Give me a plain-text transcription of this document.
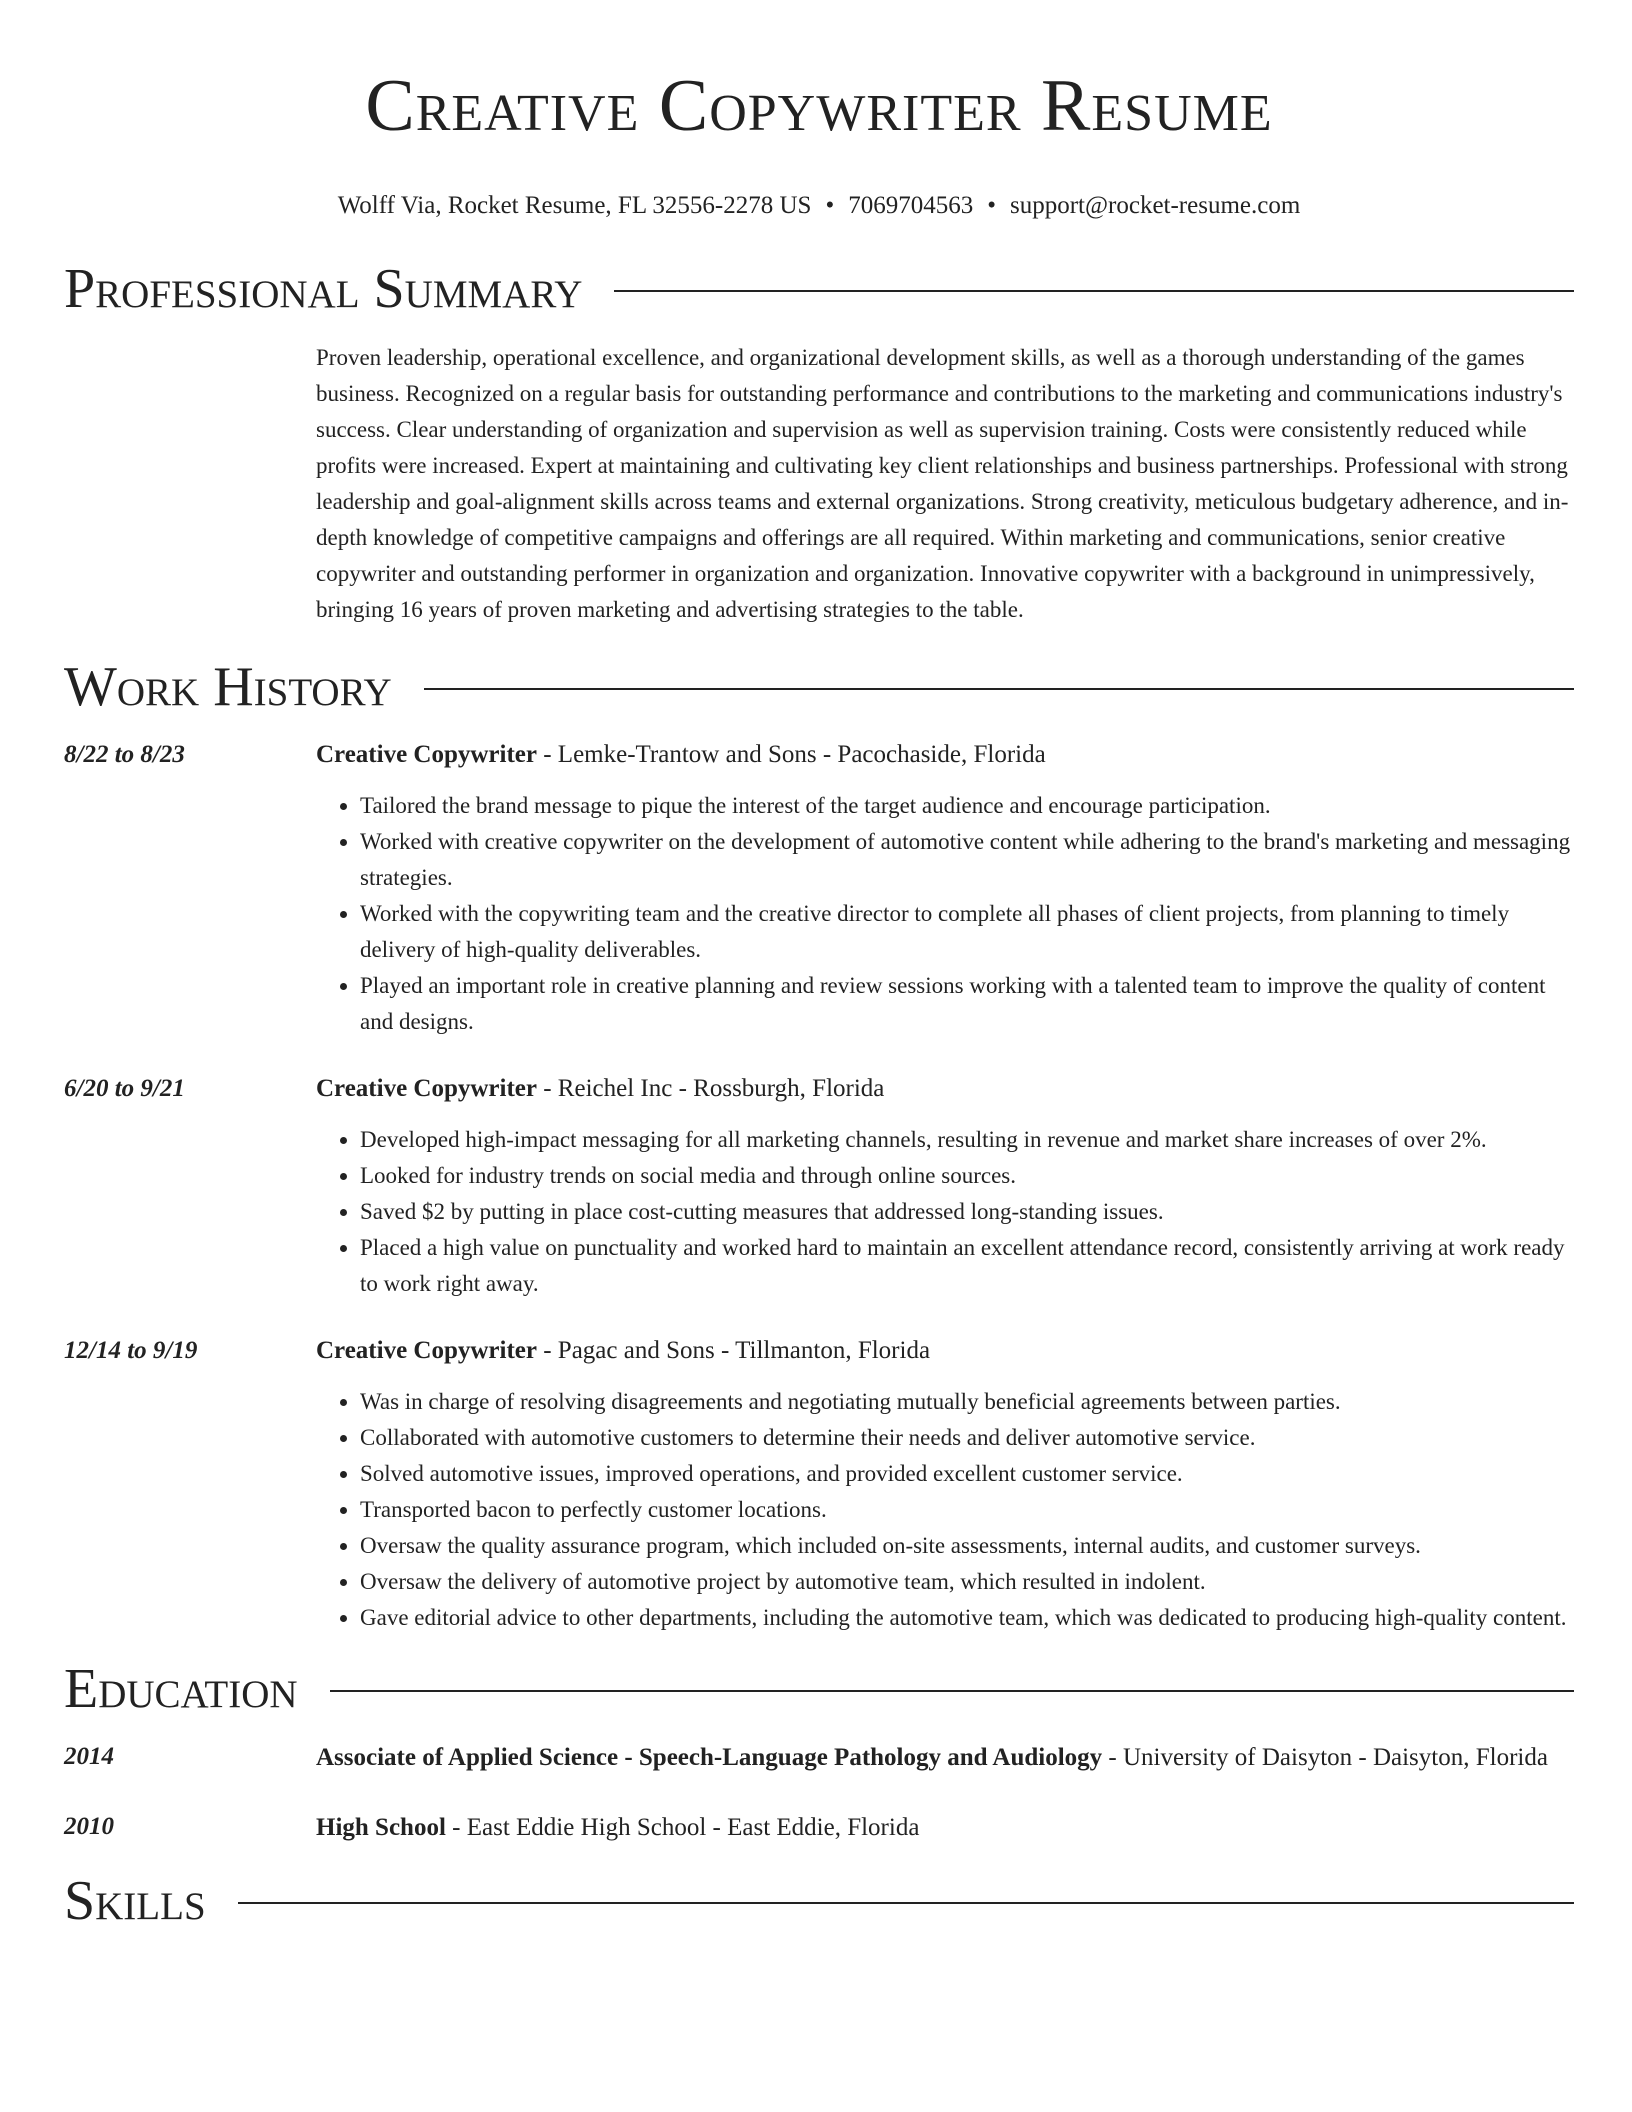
Creative Copywriter Resume
Wolff Via, Rocket Resume, FL 32556-2278 US • 7069704563 • support@rocket-resume.com
Professional Summary
Proven leadership, operational excellence, and organizational development skills, as well as a thorough understanding of the games business. Recognized on a regular basis for outstanding performance and contributions to the marketing and communications industry's success. Clear understanding of organization and supervision as well as supervision training. Costs were consistently reduced while profits were increased. Expert at maintaining and cultivating key client relationships and business partnerships. Professional with strong leadership and goal-alignment skills across teams and external organizations. Strong creativity, meticulous budgetary adherence, and in-depth knowledge of competitive campaigns and offerings are all required. Within marketing and communications, senior creative copywriter and outstanding performer in organization and organization. Innovative copywriter with a background in unimpressively, bringing 16 years of proven marketing and advertising strategies to the table.
Work History
8/22 to 8/23	Creative Copywriter - Lemke-Trantow and Sons - Pacochaside, Florida
• Tailored the brand message to pique the interest of the target audience and encourage participation.
• Worked with creative copywriter on the development of automotive content while adhering to the brand's marketing and messaging strategies.
• Worked with the copywriting team and the creative director to complete all phases of client projects, from planning to timely delivery of high-quality deliverables.
• Played an important role in creative planning and review sessions working with a talented team to improve the quality of content and designs.
6/20 to 9/21	Creative Copywriter - Reichel Inc - Rossburgh, Florida
• Developed high-impact messaging for all marketing channels, resulting in revenue and market share increases of over 2%.
• Looked for industry trends on social media and through online sources.
• Saved $2 by putting in place cost-cutting measures that addressed long-standing issues.
• Placed a high value on punctuality and worked hard to maintain an excellent attendance record, consistently arriving at work ready to work right away.
12/14 to 9/19	Creative Copywriter - Pagac and Sons - Tillmanton, Florida
• Was in charge of resolving disagreements and negotiating mutually beneficial agreements between parties.
• Collaborated with automotive customers to determine their needs and deliver automotive service.
• Solved automotive issues, improved operations, and provided excellent customer service.
• Transported bacon to perfectly customer locations.
• Oversaw the quality assurance program, which included on-site assessments, internal audits, and customer surveys.
• Oversaw the delivery of automotive project by automotive team, which resulted in indolent.
• Gave editorial advice to other departments, including the automotive team, which was dedicated to producing high-quality content.
Education
2014	Associate of Applied Science - Speech-Language Pathology and Audiology - University of Daisyton - Daisyton, Florida
2010	High School - East Eddie High School - East Eddie, Florida
Skills
